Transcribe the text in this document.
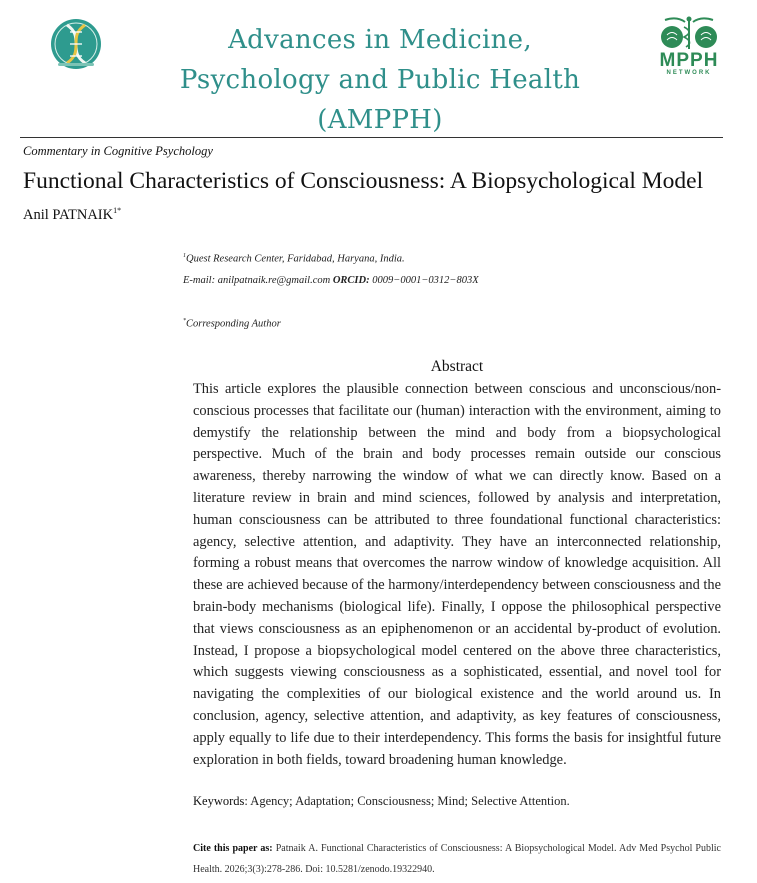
Advances in Medicine,
Psychology and Public Health
(AMPPH)
MPPH
NETWORK
Commentary in Cognitive Psychology
Functional Characteristics of Consciousness: A Biopsychological Model
Anil $PATNAIK^{1*}$
$^1$Quest Research Center, Faridabad, Haryana, India.
E-mail: anilpatnaik.re@gmail.com ORCID: 0009−0001−0312−803X
*Corresponding Author
Abstract
This article explores the plausible connection between conscious and unconscious/non-conscious processes that facilitate our (human) interaction with the environment, aiming to demystify the relationship between the mind and body from a biopsychological perspective. Much of the brain and body processes remain outside our conscious awareness, thereby narrowing the window of what we can directly know. Based on a literature review in brain and mind sciences, followed by analysis and interpretation, human consciousness can be attributed to three foundational functional characteristics: agency, selective attention, and adaptivity. They have an interconnected relationship, forming a robust means that overcomes the narrow window of knowledge acquisition. All these are achieved because of the harmony/interdependency between consciousness and the brain-body mechanisms (biological life). Finally, I oppose the philosophical perspective that views consciousness as an epiphenomenon or an accidental by-product of evolution. Instead, I propose a biopsychological model centered on the above three characteristics, which suggests viewing consciousness as a sophisticated, essential, and novel tool for navigating the complexities of our biological existence and the world around us. In conclusion, agency, selective attention, and adaptivity, as key features of consciousness, apply equally to life due to their interdependency. This forms the basis for insightful future exploration in both fields, toward broadening human knowledge.
Keywords: Agency; Adaptation; Consciousness; Mind; Selective Attention.
Cite this paper as: Patnaik A. Functional Characteristics of Consciousness: A Biopsychological Model. Adv Med Psychol Public Health. 2026;3(3):278-286. Doi: 10.5281/zenodo.19322940.
